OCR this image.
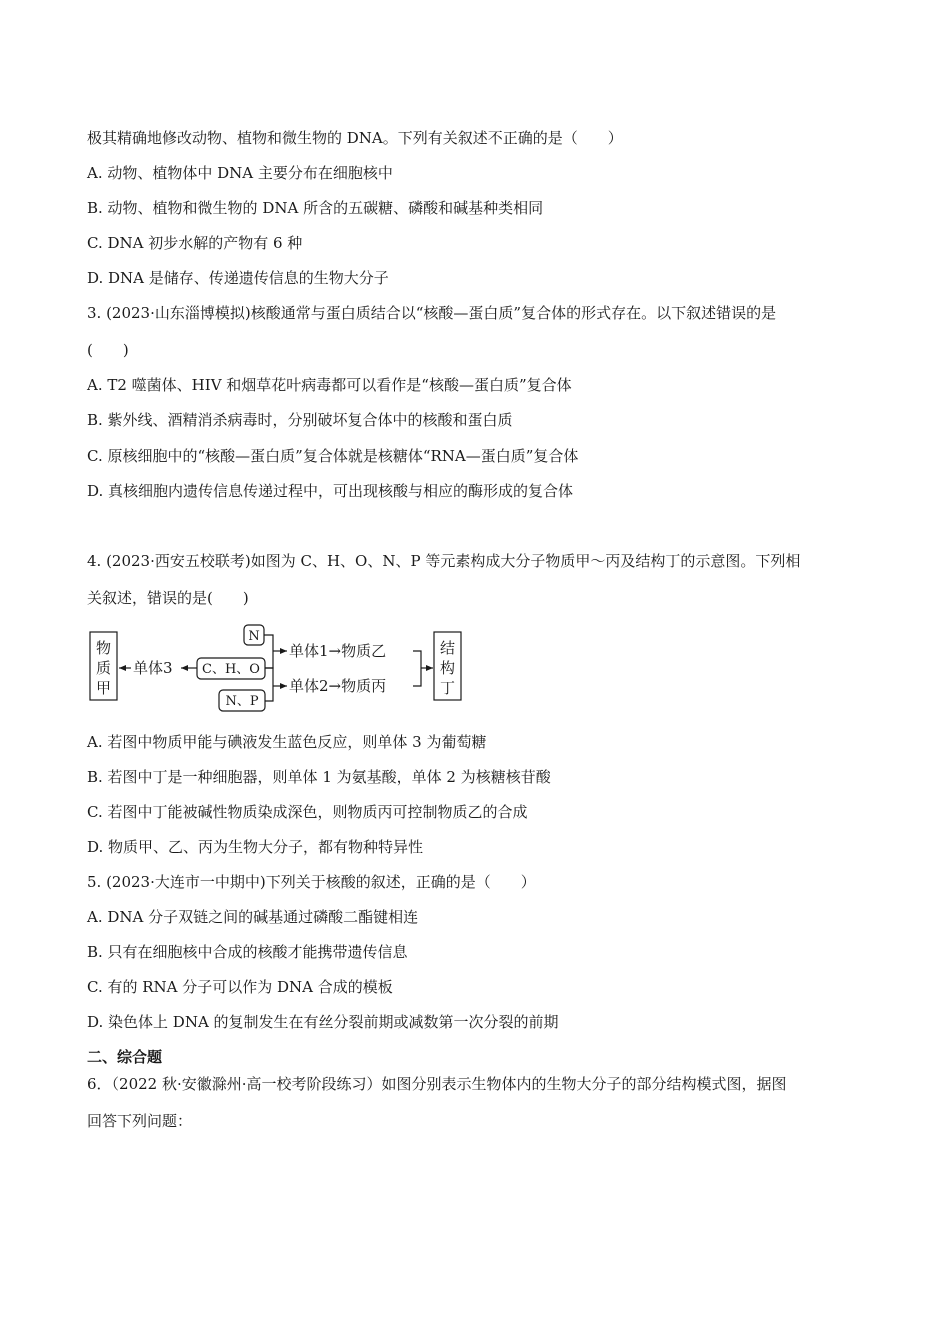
极其精确地修改动物、植物和微生物的 DNA。下列有关叙述不正确的是（　　）
A. 动物、植物体中 DNA 主要分布在细胞核中
B. 动物、植物和微生物的 DNA 所含的五碳糖、磷酸和碱基种类相同
C. DNA 初步水解的产物有 6 种
D. DNA 是储存、传递遗传信息的生物大分子
3. (2023·山东淄博模拟)核酸通常与蛋白质结合以“核酸—蛋白质”复合体的形式存在。以下叙述错误的是
(　　)
A. T2 噬菌体、HIV 和烟草花叶病毒都可以看作是“核酸—蛋白质”复合体
B. 紫外线、酒精消杀病毒时，分别破坏复合体中的核酸和蛋白质
C. 原核细胞中的“核酸—蛋白质”复合体就是核糖体“RNA—蛋白质”复合体
D. 真核细胞内遗传信息传递过程中，可出现核酸与相应的酶形成的复合体
4. (2023·西安五校联考)如图为 C、H、O、N、P 等元素构成大分子物质甲～丙及结构丁的示意图。下列相
关叙述，错误的是(　　)
物
质
甲
单体3
N
C、H、O
N、P
单体1→物质乙
单体2→物质丙
结
构
丁
A. 若图中物质甲能与碘液发生蓝色反应，则单体 3 为葡萄糖
B. 若图中丁是一种细胞器，则单体 1 为氨基酸，单体 2 为核糖核苷酸
C. 若图中丁能被碱性物质染成深色，则物质丙可控制物质乙的合成
D. 物质甲、乙、丙为生物大分子，都有物种特异性
5. (2023·大连市一中期中)下列关于核酸的叙述，正确的是（　　）
A. DNA 分子双链之间的碱基通过磷酸二酯键相连
B. 只有在细胞核中合成的核酸才能携带遗传信息
C. 有的 RNA 分子可以作为 DNA 合成的模板
D. 染色体上 DNA 的复制发生在有丝分裂前期或减数第一次分裂的前期
二、综合题
6．（2022 秋·安徽滁州·高一校考阶段练习）如图分别表示生物体内的生物大分子的部分结构模式图，据图
回答下列问题：
